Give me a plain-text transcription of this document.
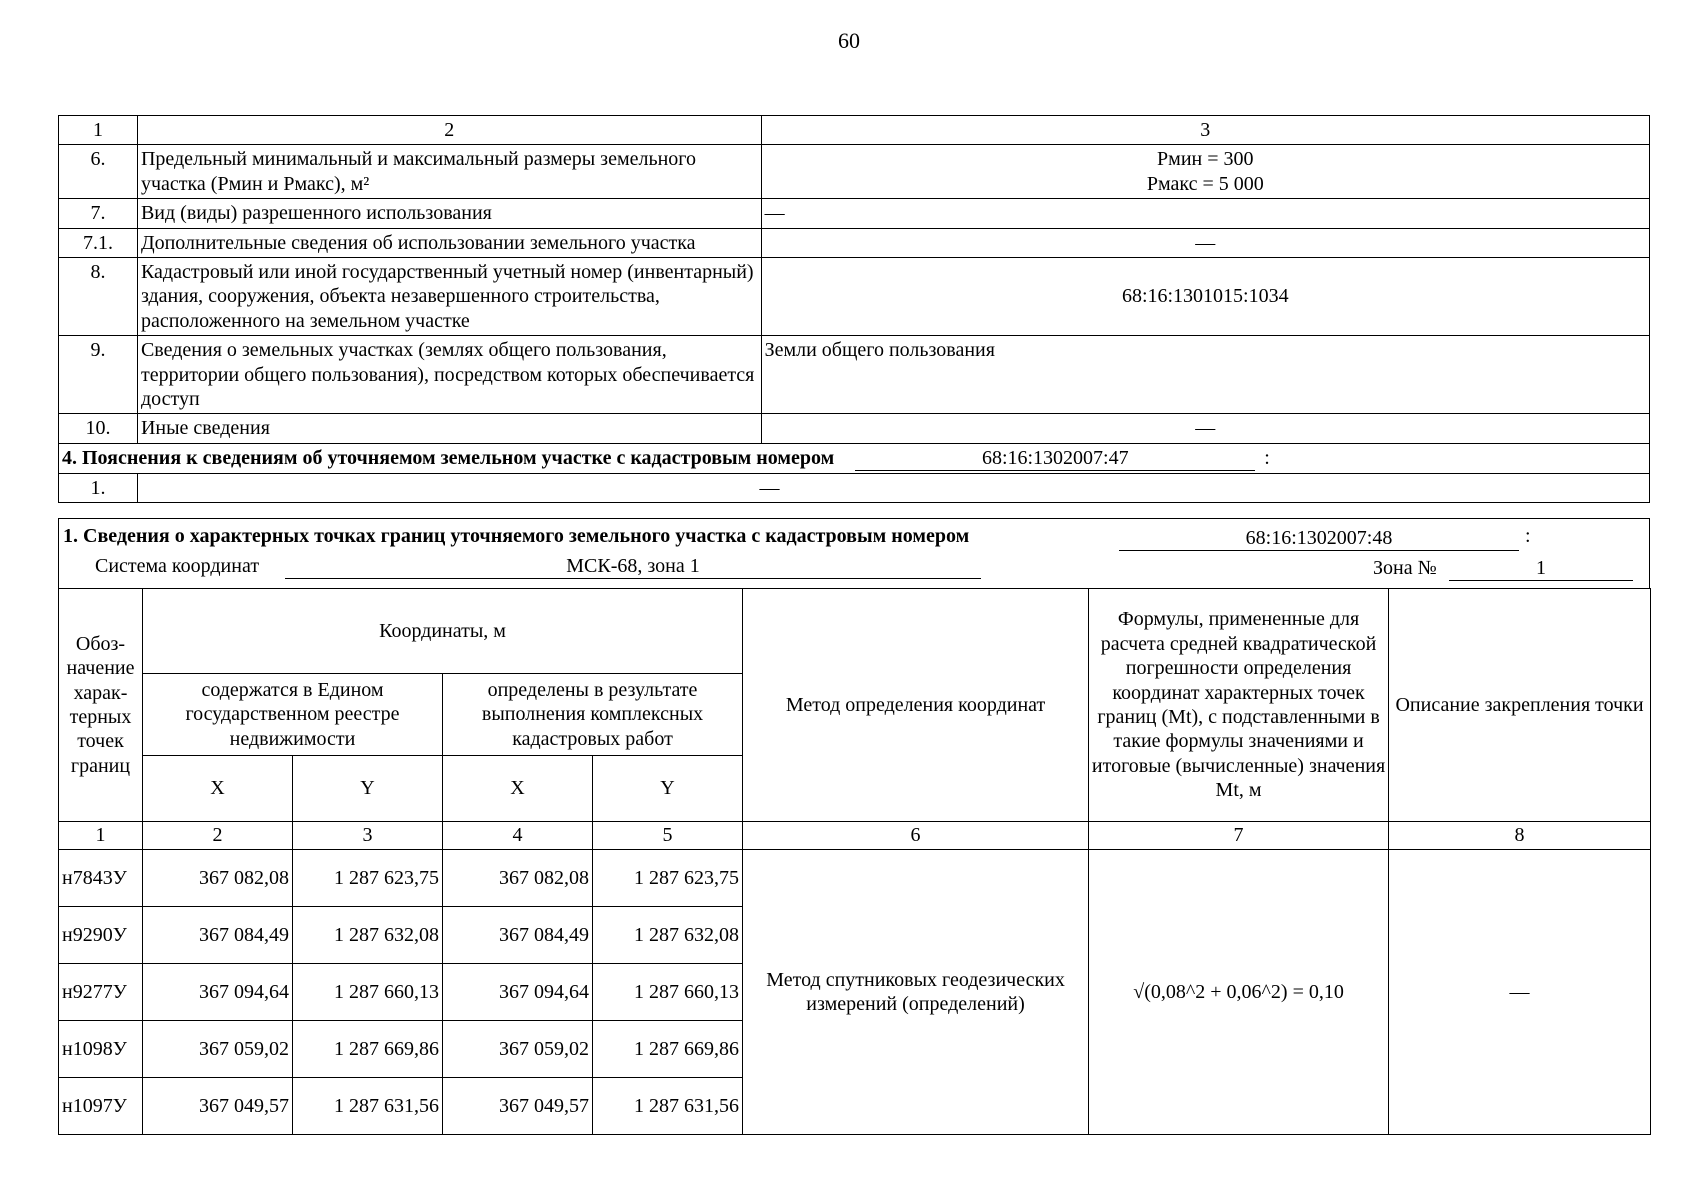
60
1	2	3
6.	Предельный минимальный и максимальный размеры земельного участка (Рмин и Рмакс), м²	Рмин = 300
Рмакс = 5 000

7.	Вид (виды) разрешенного использования	—
7.1.	Дополнительные сведения об использовании земельного участка	—
8.	Кадастровый или иной государственный учетный номер (инвентарный) здания, сооружения, объекта незавершенного строительства, расположенного на земельном участке	68:16:1301015:1034
9.	Сведения о земельных участках (землях общего пользования, территории общего пользования), посредством которых обеспечивается доступ	Земли общего пользования
10.	Иные сведения	—
4. Пояснения к сведениям об уточняемом земельном участке с кадастровым номером 68:16:1302007:47 :		
1.	—	
1. Сведения о характерных точках границ уточняемого земельного участка с кадастровым номером	68:16:1302007:48	:
Система координат	МСК-68, зона 1	Зона №	1
Обоз-начение харак-терных точек границ	Координаты, м				Метод определения координат	Формулы, примененные для расчета средней квадратической погрешности определения координат характерных точек границ (Mt), с подставленными в такие формулы значениями и итоговые (вычисленные) значения Mt, м	Описание закрепления точки
	содержатся в Едином государственном реестре недвижимости		определены в результате выполнения комплексных кадастровых работ				
	X	Y	X	Y			
1	2	3	4	5	6	7	8
н7843У	367 082,08	1 287 623,75	367 082,08	1 287 623,75	Метод спутниковых геодезических измерений (определений)	√(0,08^2 + 0,06^2) = 0,10	—
н9290У	367 084,49	1 287 632,08	367 084,49	1 287 632,08			
н9277У	367 094,64	1 287 660,13	367 094,64	1 287 660,13			
н1098У	367 059,02	1 287 669,86	367 059,02	1 287 669,86			
н1097У	367 049,57	1 287 631,56	367 049,57	1 287 631,56			
